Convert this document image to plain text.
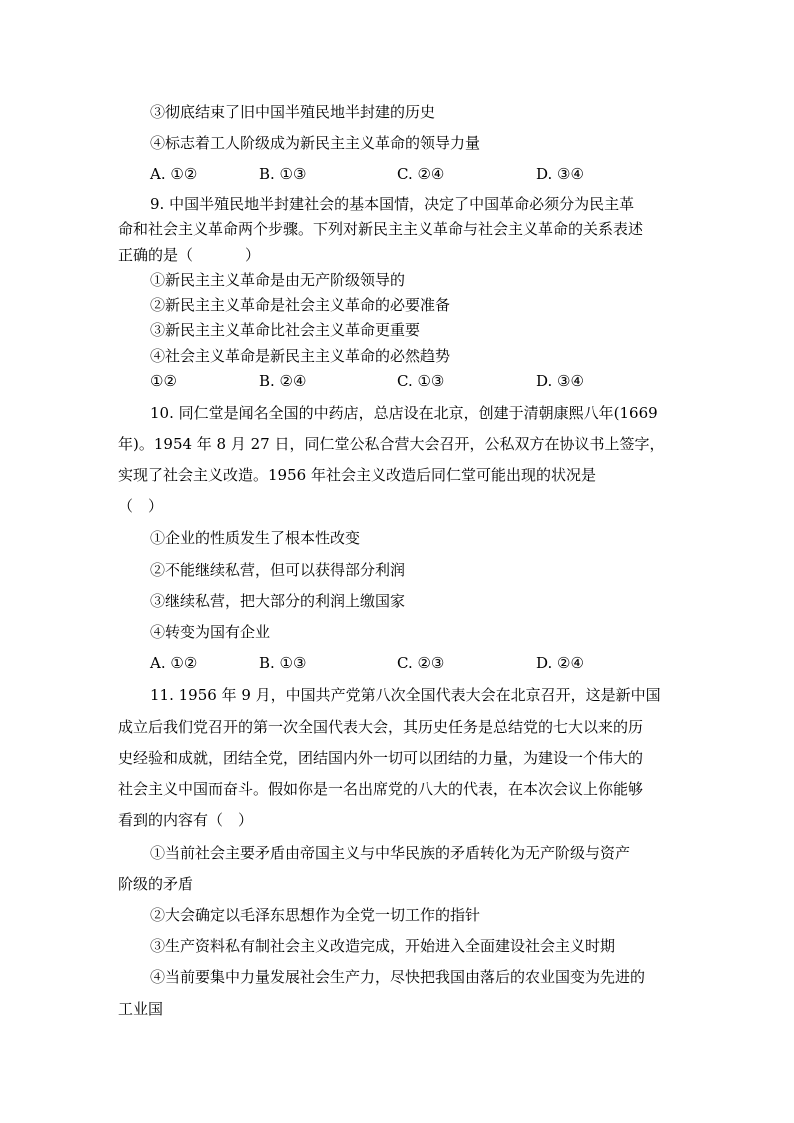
③彻底结束了旧中国半殖民地半封建的历史
④标志着工人阶级成为新民主主义革命的领导力量
A. ①②	B. ①③	C. ②④	D. ③④
9. 中国半殖民地半封建社会的基本国情，决定了中国革命必须分为民主革
命和社会主义革命两个步骤。下列对新民主主义革命与社会主义革命的关系表述
正确的是（	）
①新民主主义革命是由无产阶级领导的
②新民主主义革命是社会主义革命的必要准备
③新民主主义革命比社会主义革命更重要
④社会主义革命是新民主主义革命的必然趋势
①②	B. ②④	C. ①③	D. ③④
10. 同仁堂是闻名全国的中药店，总店设在北京，创建于清朝康熙八年(1669
年)。1954 年 8 月 27 日，同仁堂公私合营大会召开，公私双方在协议书上签字，
实现了社会主义改造。1956 年社会主义改造后同仁堂可能出现的状况是
（　）
①企业的性质发生了根本性改变
②不能继续私营，但可以获得部分利润
③继续私营，把大部分的利润上缴国家
④转变为国有企业
A. ①②	B. ①③	C. ②③	D. ②④
11. 1956 年 9 月，中国共产党第八次全国代表大会在北京召开，这是新中国
成立后我们党召开的第一次全国代表大会，其历史任务是总结党的七大以来的历
史经验和成就，团结全党，团结国内外一切可以团结的力量，为建设一个伟大的
社会主义中国而奋斗。假如你是一名出席党的八大的代表，在本次会议上你能够
看到的内容有（　）
①当前社会主要矛盾由帝国主义与中华民族的矛盾转化为无产阶级与资产
阶级的矛盾
②大会确定以毛泽东思想作为全党一切工作的指针
③生产资料私有制社会主义改造完成，开始进入全面建设社会主义时期
④当前要集中力量发展社会生产力，尽快把我国由落后的农业国变为先进的
工业国
